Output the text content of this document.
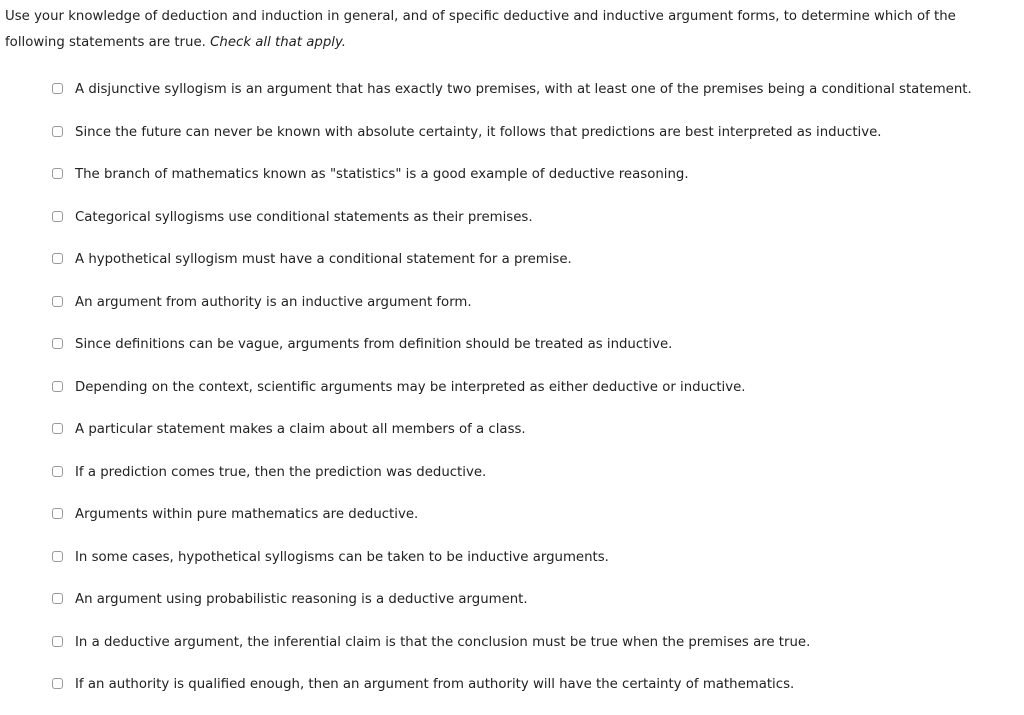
Use your knowledge of deduction and induction in general, and of specific deductive and inductive argument forms, to determine which of the following statements are true. Check all that apply.
A disjunctive syllogism is an argument that has exactly two premises, with at least one of the premises being a conditional statement.
Since the future can never be known with absolute certainty, it follows that predictions are best interpreted as inductive.
The branch of mathematics known as "statistics" is a good example of deductive reasoning.
Categorical syllogisms use conditional statements as their premises.
A hypothetical syllogism must have a conditional statement for a premise.
An argument from authority is an inductive argument form.
Since definitions can be vague, arguments from definition should be treated as inductive.
Depending on the context, scientific arguments may be interpreted as either deductive or inductive.
A particular statement makes a claim about all members of a class.
If a prediction comes true, then the prediction was deductive.
Arguments within pure mathematics are deductive.
In some cases, hypothetical syllogisms can be taken to be inductive arguments.
An argument using probabilistic reasoning is a deductive argument.
In a deductive argument, the inferential claim is that the conclusion must be true when the premises are true.
If an authority is qualified enough, then an argument from authority will have the certainty of mathematics.
